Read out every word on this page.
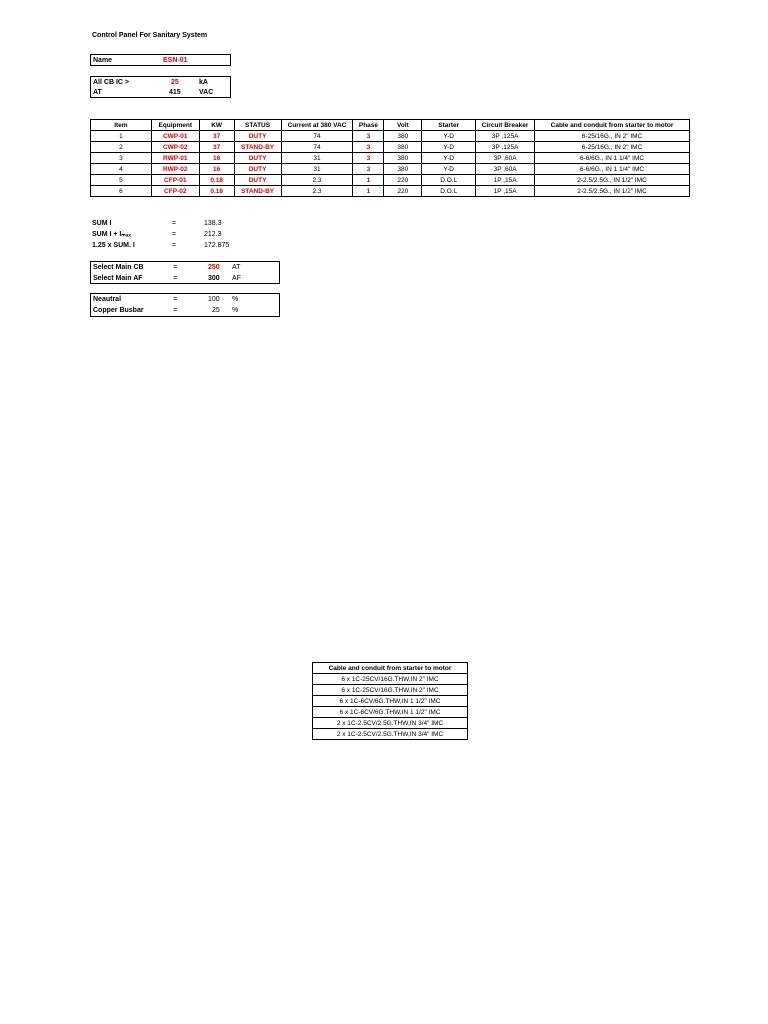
Control Panel For Sanitary System
Name	ESN-01
All CB IC >	25	kA
AT	415	VAC
Item	Equipment	KW	STATUS	Current at 380 VAC	Phase	Volt	Starter	Circuit Breaker	Cable and conduit from starter to motor
1	CWP-01	37	DUTY	74	3	380	Y-D	3P ,125A	6-25/16G., IN 2" IMC
2	CWP-02	37	STAND-BY	74	3	380	Y-D	3P ,125A	6-25/16G., IN 2" IMC
3	RWP-01	16	DUTY	31	3	380	Y-D	3P ,60A	6-6/6G., IN 1 1/4" IMC
4	RWP-02	16	DUTY	31	3	380	Y-D	3P ,60A	6-6/6G., IN 1 1/4" IMC
5	CFP-01	0.18	DUTY	2.3	1	220	D.O.L	1P ,15A	2-2.5/2.5G., IN 1/2" IMC
6	CFP-02	0.18	STAND-BY	2.3	1	220	D.O.L	1P ,15A	2-2.5/2.5G., IN 1/2" IMC
SUM I	=	138.3
SUM I + Iₘₐₓ	=	212.3
1.25 x SUM. I	=	172.875
Select Main CB	=	250 AT
Select Main AF	=	300 AF
Neautral	=	100 %
Copper Busbar	=	25 %
Cable and conduit from starter to motor
6 x 1C-25CV/16G.THW,IN 2" IMC
6 x 1C-25CV/16G.THW,IN 2" IMC
6 x 1C-6CV/6G.THW,IN 1 1/2" IMC
6 x 1C-6CV/6G.THW,IN 1 1/2" IMC
2 x 1C-2.5CV/2.5G.THW,IN 3/4" IMC
2 x 1C-2.5CV/2.5G.THW,IN 3/4" IMC
